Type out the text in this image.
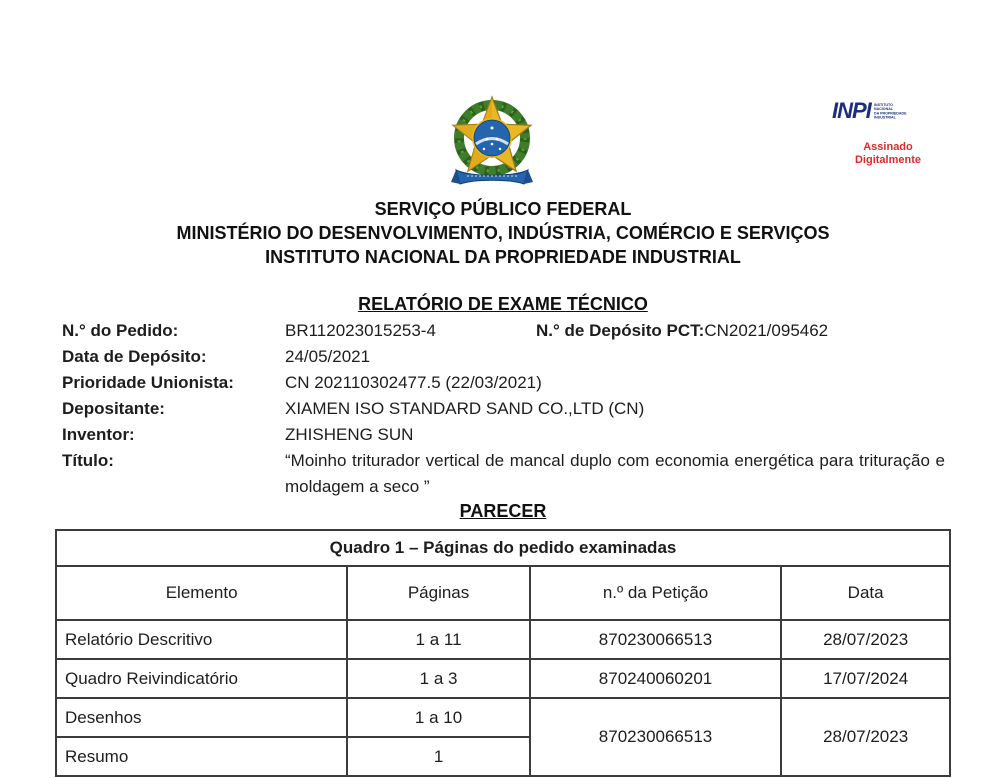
INPI INSTITUTO
NACIONAL
DA PROPRIEDADE
INDUSTRIAL
Assinado
Digitalmente
SERVIÇO PÚBLICO FEDERAL
MINISTÉRIO DO DESENVOLVIMENTO, INDÚSTRIA, COMÉRCIO E SERVIÇOS
INSTITUTO NACIONAL DA PROPRIEDADE INDUSTRIAL
RELATÓRIO DE EXAME TÉCNICO
N.° do Pedido:	BR112023015253-4	N.° de Depósito PCT: CN2021/095462
Data de Depósito:	24/05/2021
Prioridade Unionista:	CN 202110302477.5 (22/03/2021)
Depositante:	XIAMEN ISO STANDARD SAND CO.,LTD (CN)
Inventor:	ZHISHENG SUN
Título:	“Moinho triturador vertical de mancal duplo com economia energética para trituração e moldagem a seco ”
PARECER
Quadro 1 – Páginas do pedido examinadas			
Elemento	Páginas	n.º da Petição	Data
Relatório Descritivo	1 a 11	870230066513	28/07/2023
Quadro Reivindicatório	1 a 3	870240060201	17/07/2024
Desenhos	1 a 10	870230066513	28/07/2023
Resumo	1		
